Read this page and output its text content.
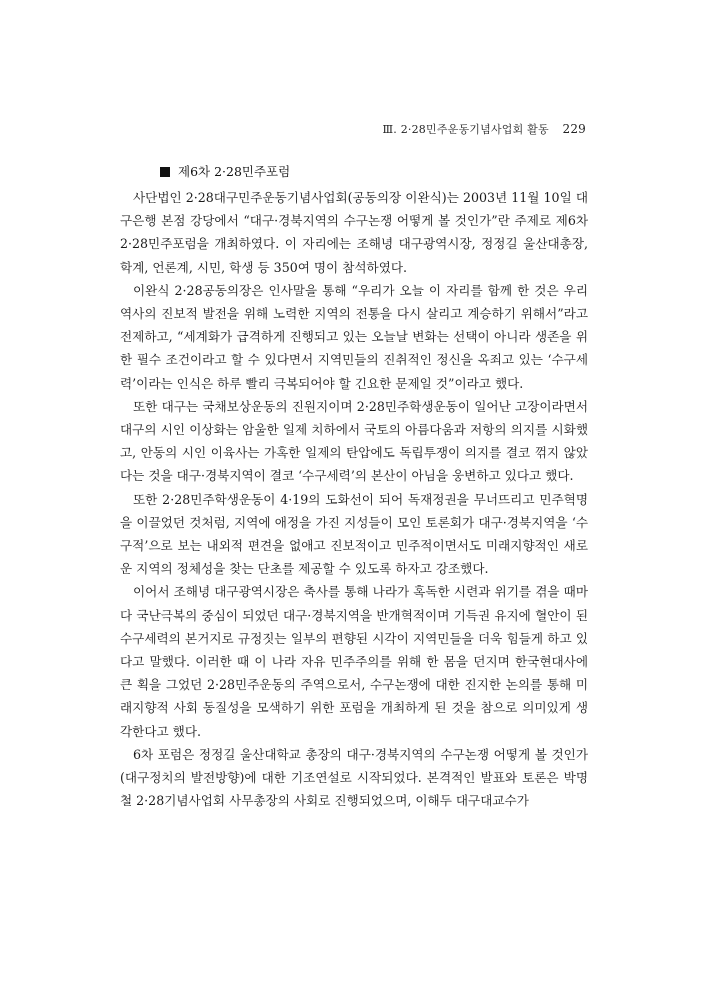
Ⅲ. 2·28민주운동기념사업회 활동 229
제6차 2·28민주포럼

사단법인 2·28대구민주운동기념사업회(공동의장 이완식)는 2003년 11월 10일 대구은행 본점 강당에서 “대구·경북지역의 수구논쟁 어떻게 볼 것인가”란 주제로 제6차 2·28민주포럼을 개최하였다. 이 자리에는 조해녕 대구광역시장, 정정길 울산대총장, 학계, 언론계, 시민, 학생 등 350여 명이 참석하였다.

이완식 2·28공동의장은 인사말을 통해 “우리가 오늘 이 자리를 함께 한 것은 우리 역사의 진보적 발전을 위해 노력한 지역의 전통을 다시 살리고 계승하기 위해서”라고 전제하고, “세계화가 급격하게 진행되고 있는 오늘날 변화는 선택이 아니라 생존을 위한 필수 조건이라고 할 수 있다면서 지역민들의 진취적인 정신을 옥죄고 있는 ‘수구세력’이라는 인식은 하루 빨리 극복되어야 할 긴요한 문제일 것”이라고 했다.

또한 대구는 국채보상운동의 진원지이며 2·28민주학생운동이 일어난 고장이라면서 대구의 시인 이상화는 암울한 일제 치하에서 국토의 아름다움과 저항의 의지를 시화했고, 안동의 시인 이육사는 가혹한 일제의 탄압에도 독립투쟁이 의지를 결코 꺾지 않았다는 것을 대구·경북지역이 결코 ‘수구세력’의 본산이 아님을 웅변하고 있다고 했다.

또한 2·28민주학생운동이 4·19의 도화선이 되어 독재정권을 무너뜨리고 민주혁명을 이끌었던 것처럼, 지역에 애정을 가진 지성들이 모인 토론회가 대구·경북지역을 ‘수구적’으로 보는 내외적 편견을 없애고 진보적이고 민주적이면서도 미래지향적인 새로운 지역의 정체성을 찾는 단초를 제공할 수 있도록 하자고 강조했다.

이어서 조해녕 대구광역시장은 축사를 통해 나라가 혹독한 시련과 위기를 겪을 때마다 국난극복의 중심이 되었던 대구·경북지역을 반개혁적이며 기득권 유지에 혈안이 된 수구세력의 본거지로 규정짓는 일부의 편향된 시각이 지역민들을 더욱 힘들게 하고 있다고 말했다. 이러한 때 이 나라 자유 민주주의를 위해 한 몸을 던지며 한국현대사에 큰 획을 그었던 2·28민주운동의 주역으로서, 수구논쟁에 대한 진지한 논의를 통해 미래지향적 사회 동질성을 모색하기 위한 포럼을 개최하게 된 것을 참으로 의미있게 생각한다고 했다.

6차 포럼은 정정길 울산대학교 총장의 대구·경북지역의 수구논쟁 어떻게 볼 것인가(대구정치의 발전방향)에 대한 기조연설로 시작되었다. 본격적인 발표와 토론은 박명철 2·28기념사업회 사무총장의 사회로 진행되었으며, 이해두 대구대교수가
